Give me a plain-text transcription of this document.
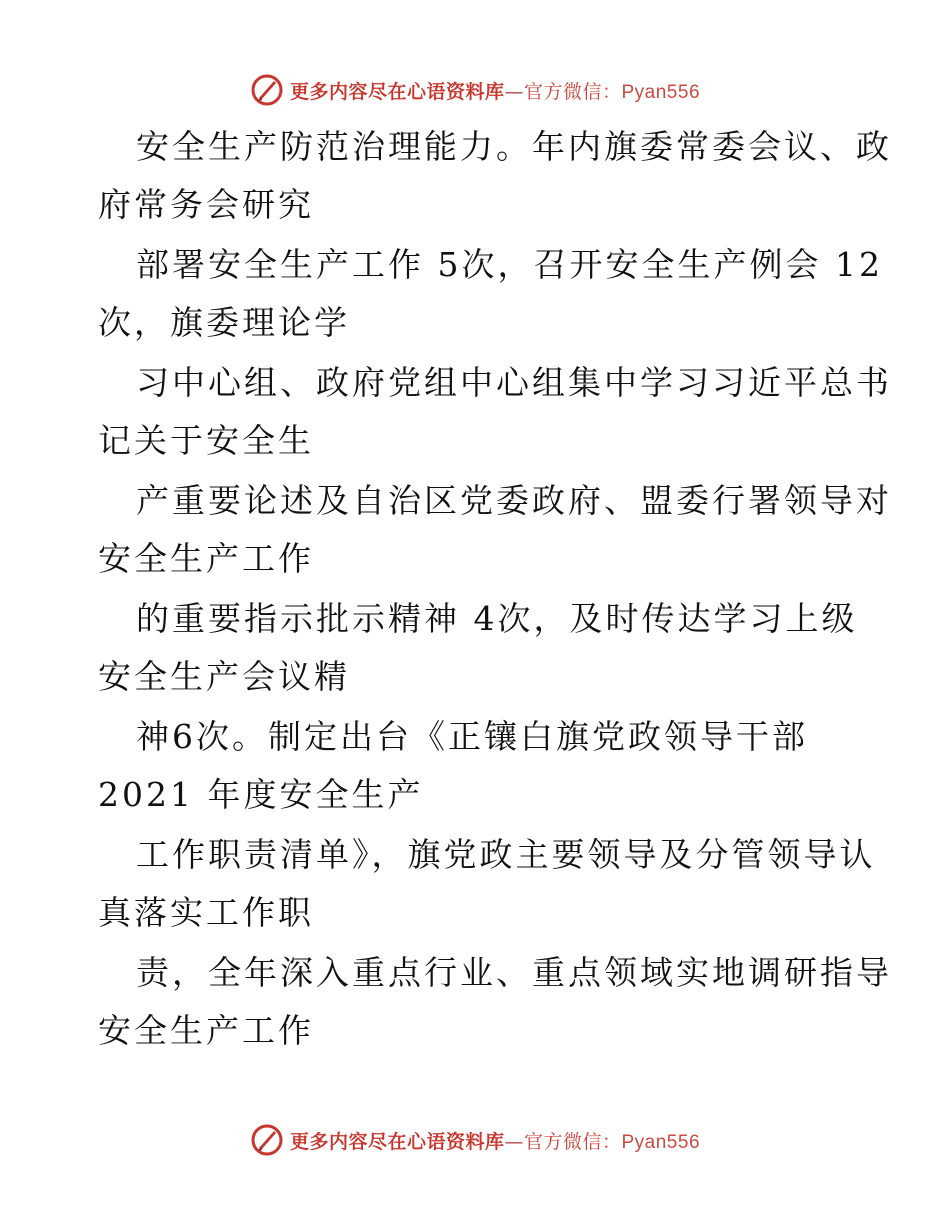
更多内容尽在心语资料库—官方微信：Pyan556
安全生产防范治理能力。年内旗委常委会议、政
府常务会研究
部署安全生产工作 5次，召开安全生产例会 12
次，旗委理论学
习中心组、政府党组中心组集中学习习近平总书
记关于安全生
产重要论述及自治区党委政府、盟委行署领导对
安全生产工作
的重要指示批示精神 4次，及时传达学习上级
安全生产会议精
神6次。制定出台《正镶白旗党政领导干部
2021 年度安全生产
工作职责清单》，旗党政主要领导及分管领导认
真落实工作职
责，全年深入重点行业、重点领域实地调研指导
安全生产工作
更多内容尽在心语资料库—官方微信：Pyan556
